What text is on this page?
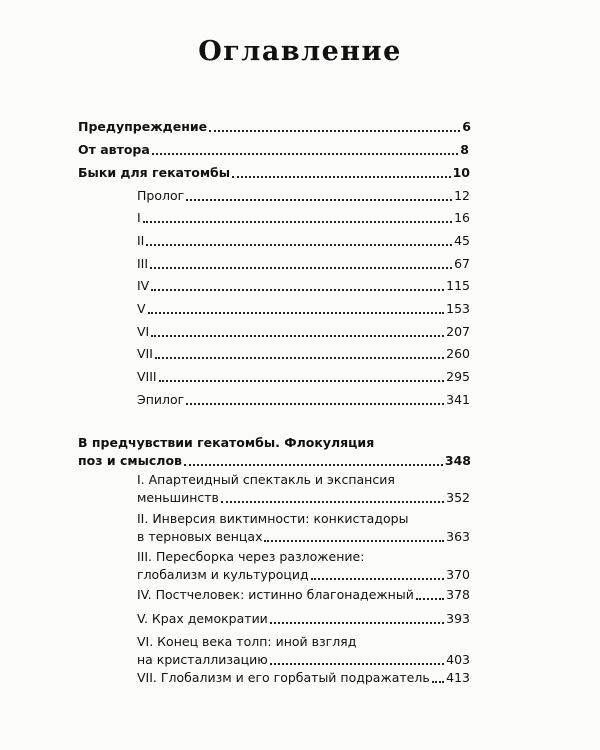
Оглавление
Предупреждение	6
От автора	8
Быки для гекатомбы	10
Пролог	12
I	16
II	45
III	67
IV	115
V	153
VI	207
VII	260
VIII	295
Эпилог	341
В предчувствии гекатомбы. Флокуляция
поз и смыслов	348
I. Апартеидный спектакль и экспансия
меньшинств	352
II. Инверсия виктимности: конкистадоры
в терновых венцах	363
III. Пересборка через разложение:
глобализм и культуроцид	370
IV. Постчеловек: истинно благонадежный	378
V. Крах демократии	393
VI. Конец века толп: иной взгляд
на кристаллизацию	403
VII. Глобализм и его горбатый подражатель 413
